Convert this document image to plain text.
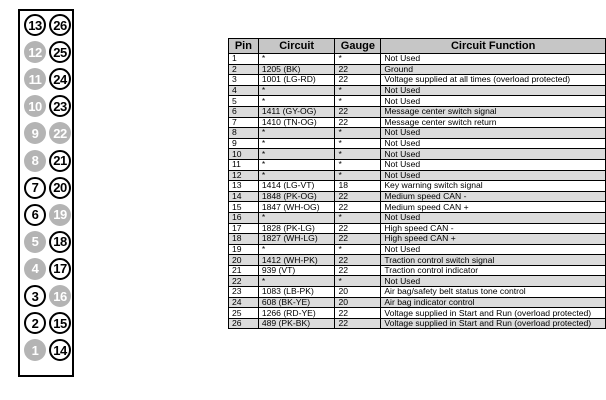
13 26
12 25
11 24
10 23
9	22
8	21
7	20
6	19
5	18
4	17
3	16
2	15
1	14
Pin	Circuit	Gauge	Circuit Function
1	*	*	Not Used
2	1205 (BK)	22	Ground
3	1001 (LG-RD)	22	Voltage supplied at all times (overload protected)
4	*	*	Not Used
5	*	*	Not Used
6	1411 (GY-OG)	22	Message center switch signal
7	1410 (TN-OG)	22	Message center switch return
8	*	*	Not Used
9	*	*	Not Used
10	*	*	Not Used
11	*	*	Not Used
12	*	*	Not Used
13	1414 (LG-VT)	18	Key warning switch signal
14	1848 (PK-OG)	22	Medium speed CAN -
15	1847 (WH-OG)	22	Medium speed CAN +
16	*	*	Not Used
17	1828 (PK-LG)	22	High speed CAN -
18	1827 (WH-LG)	22	High speed CAN +
19	*	*	Not Used
20	1412 (WH-PK)	22	Traction control switch signal
21	939 (VT)	22	Traction control indicator
22	*	*	Not Used
23	1083 (LB-PK)	20	Air bag/safety belt status tone control
24	608 (BK-YE)	20	Air bag indicator control
25	1266 (RD-YE)	22	Voltage supplied in Start and Run (overload protected)
26	489 (PK-BK)	22	Voltage supplied in Start and Run (overload protected)
